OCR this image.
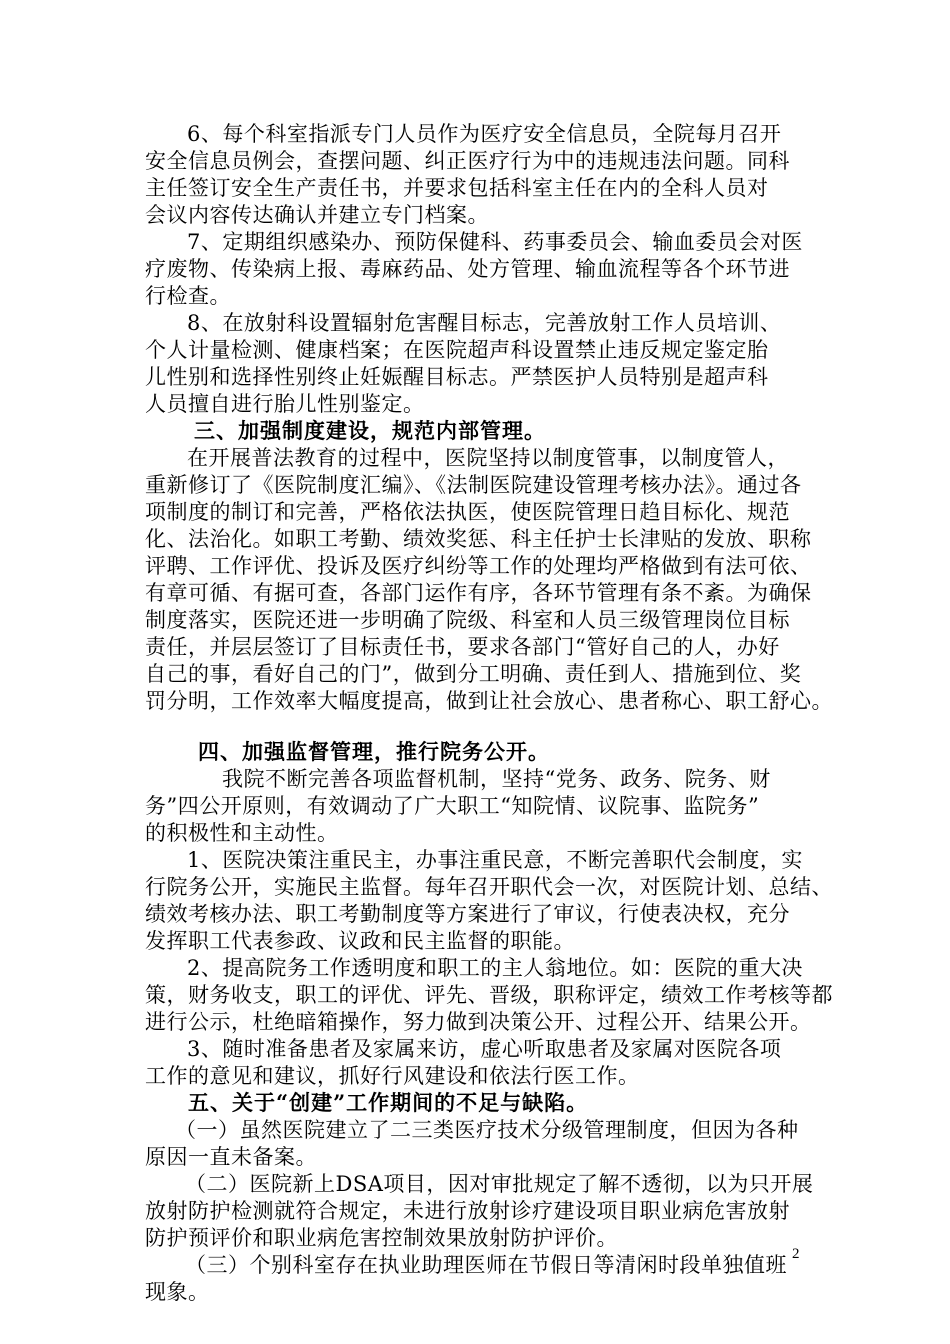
6、每个科室指派专门人员作为医疗安全信息员，全院每月召开
安全信息员例会，查摆问题、纠正医疗行为中的违规违法问题。同科
主任签订安全生产责任书，并要求包括科室主任在内的全科人员对
会议内容传达确认并建立专门档案。
7、定期组织感染办、预防保健科、药事委员会、输血委员会对医
疗废物、传染病上报、毒麻药品、处方管理、输血流程等各个环节进
行检查。
8、在放射科设置辐射危害醒目标志，完善放射工作人员培训、
个人计量检测、健康档案；在医院超声科设置禁止违反规定鉴定胎
儿性别和选择性别终止妊娠醒目标志。严禁医护人员特别是超声科
人员擅自进行胎儿性别鉴定。
三、加强制度建设，规范内部管理。
在开展普法教育的过程中，医院坚持以制度管事，以制度管人，
重新修订了《医院制度汇编》、《法制医院建设管理考核办法》。通过各
项制度的制订和完善，严格依法执医，使医院管理日趋目标化、规范
化、法治化。如职工考勤、绩效奖惩、科主任护士长津贴的发放、职称
评聘、工作评优、投诉及医疗纠纷等工作的处理均严格做到有法可依、
有章可循、有据可查，各部门运作有序，各环节管理有条不紊。为确保
制度落实，医院还进一步明确了院级、科室和人员三级管理岗位目标
责任，并层层签订了目标责任书，要求各部门“管好自己的人，办好
自己的事，看好自己的门”，做到分工明确、责任到人、措施到位、奖
罚分明，工作效率大幅度提高，做到让社会放心、患者称心、职工舒心。
四、加强监督管理，推行院务公开。
我院不断完善各项监督机制，坚持“党务、政务、院务、财
务”四公开原则，有效调动了广大职工“知院情、议院事、监院务”
的积极性和主动性。
1、医院决策注重民主，办事注重民意，不断完善职代会制度，实
行院务公开，实施民主监督。每年召开职代会一次，对医院计划、总结、
绩效考核办法、职工考勤制度等方案进行了审议，行使表决权，充分
发挥职工代表参政、议政和民主监督的职能。
2、提高院务工作透明度和职工的主人翁地位。如：医院的重大决
策，财务收支，职工的评优、评先、晋级，职称评定，绩效工作考核等都
进行公示，杜绝暗箱操作，努力做到决策公开、过程公开、结果公开。
3、随时准备患者及家属来访，虚心听取患者及家属对医院各项
工作的意见和建议，抓好行风建设和依法行医工作。
五、关于“创建”工作期间的不足与缺陷。
（一）虽然医院建立了二三类医疗技术分级管理制度，但因为各种
原因一直未备案。
（二）医院新上DSA项目，因对审批规定了解不透彻，以为只开展
放射防护检测就符合规定，未进行放射诊疗建设项目职业病危害放射
防护预评价和职业病危害控制效果放射防护评价。
（三）个别科室存在执业助理医师在节假日等清闲时段单独值班
现象。
2
